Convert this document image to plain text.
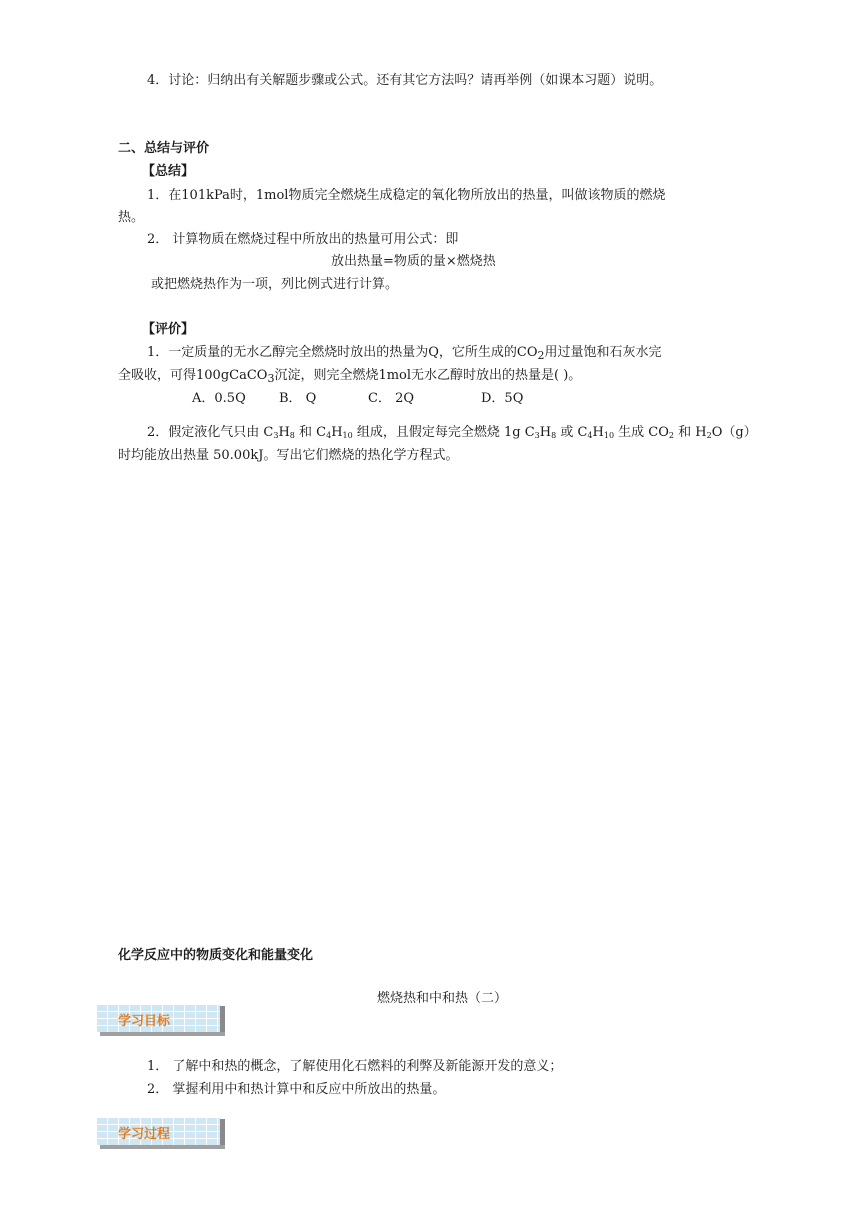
4．讨论：归纳出有关解题步骤或公式。还有其它方法吗？请再举例（如课本习题）说明。
二、总结与评价
【总结】
1．在101kPa时，1mol物质完全燃烧生成稳定的氧化物所放出的热量，叫做该物质的燃烧
热。
2． 计算物质在燃烧过程中所放出的热量可用公式：即
放出热量=物质的量×燃烧热
或把燃烧热作为一项，列比例式进行计算。
【评价】
1．一定质量的无水乙醇完全燃烧时放出的热量为Q，它所生成的$CO_2$用过量饱和石灰水完
全吸收，可得100gCaCO$_3$沉淀，则完全燃烧1mol无水乙醇时放出的热量是( )。
A．0.5Q	B． Q	C． 2Q	D．5Q
2．假定液化气只由 $C_3H_8$ 和 $C_4H_{10}$ 组成，且假定每完全燃烧 1g $C_3H_8$ 或 $C_4H_{10}$ 生成 $CO_2$ 和 $H_2O(g)$
时均能放出热量 50.00kJ。写出它们燃烧的热化学方程式。
化学反应中的物质变化和能量变化
燃烧热和中和热（二）
学习目标
1． 了解中和热的概念，了解使用化石燃料的利弊及新能源开发的意义；
2． 掌握利用中和热计算中和反应中所放出的热量。
学习过程
